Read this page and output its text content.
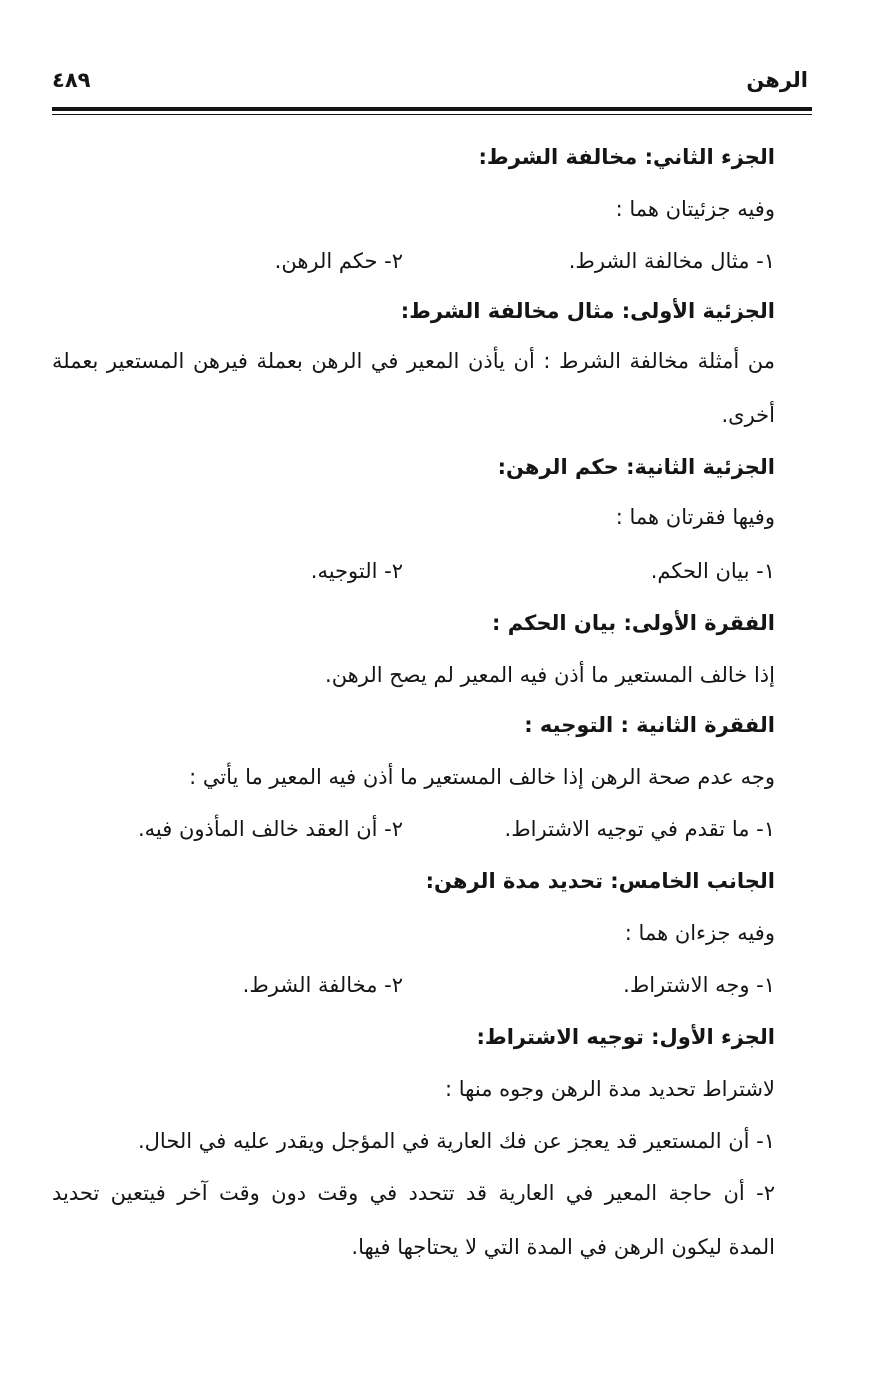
الرهن
٤٨٩
الجزء الثاني: مخالفة الشرط:
وفيه جزئيتان هما :
١- مثال مخالفة الشرط.
٢- حكم الرهن.
الجزئية الأولى: مثال مخالفة الشرط:
من أمثلة مخالفة الشرط : أن يأذن المعير في الرهن بعملة فيرهن المستعير بعملة
أخرى.
الجزئية الثانية: حكم الرهن:
وفيها فقرتان هما :
١- بيان الحكم.
٢- التوجيه.
الفقرة الأولى: بيان الحكم :
إذا خالف المستعير ما أذن فيه المعير لم يصح الرهن.
الفقرة الثانية : التوجيه :
وجه عدم صحة الرهن إذا خالف المستعير ما أذن فيه المعير ما يأتي :
١- ما تقدم في توجيه الاشتراط.
٢- أن العقد خالف المأذون فيه.
الجانب الخامس: تحديد مدة الرهن:
وفيه جزءان هما :
١- وجه الاشتراط.
٢- مخالفة الشرط.
الجزء الأول: توجيه الاشتراط:
لاشتراط تحديد مدة الرهن وجوه منها :
١- أن المستعير قد يعجز عن فك العارية في المؤجل ويقدر عليه في الحال.
٢- أن حاجة المعير في العارية قد تتحدد في وقت دون وقت آخر فيتعين تحديد
المدة ليكون الرهن في المدة التي لا يحتاجها فيها.
